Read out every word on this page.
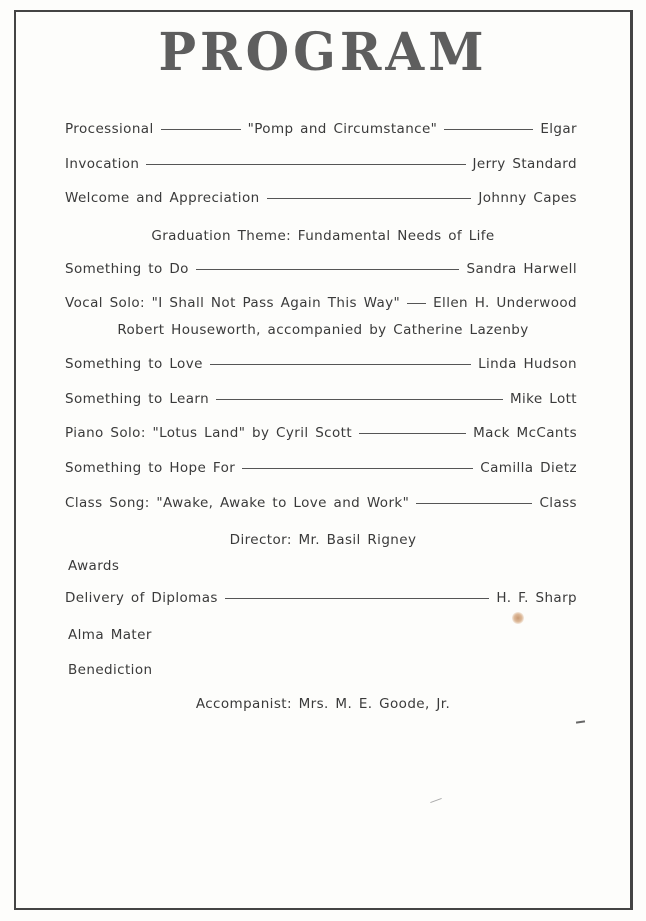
PROGRAM
Processional	"Pomp and Circumstance"	Elgar
Invocation	Jerry Standard
Welcome and Appreciation	Johnny Capes
Graduation Theme: Fundamental Needs of Life
Something to Do	Sandra Harwell
Vocal Solo: "I Shall Not Pass Again This Way" Ellen H. Underwood
Robert Houseworth, accompanied by Catherine Lazenby
Something to Love	Linda Hudson
Something to Learn	Mike Lott
Piano Solo: "Lotus Land" by Cyril Scott	Mack McCants
Something to Hope For	Camilla Dietz
Class Song: "Awake, Awake to Love and Work"	Class
Director: Mr. Basil Rigney
Awards
Delivery of Diplomas	H. F. Sharp
Alma Mater
Benediction
Accompanist: Mrs. M. E. Goode, Jr.
